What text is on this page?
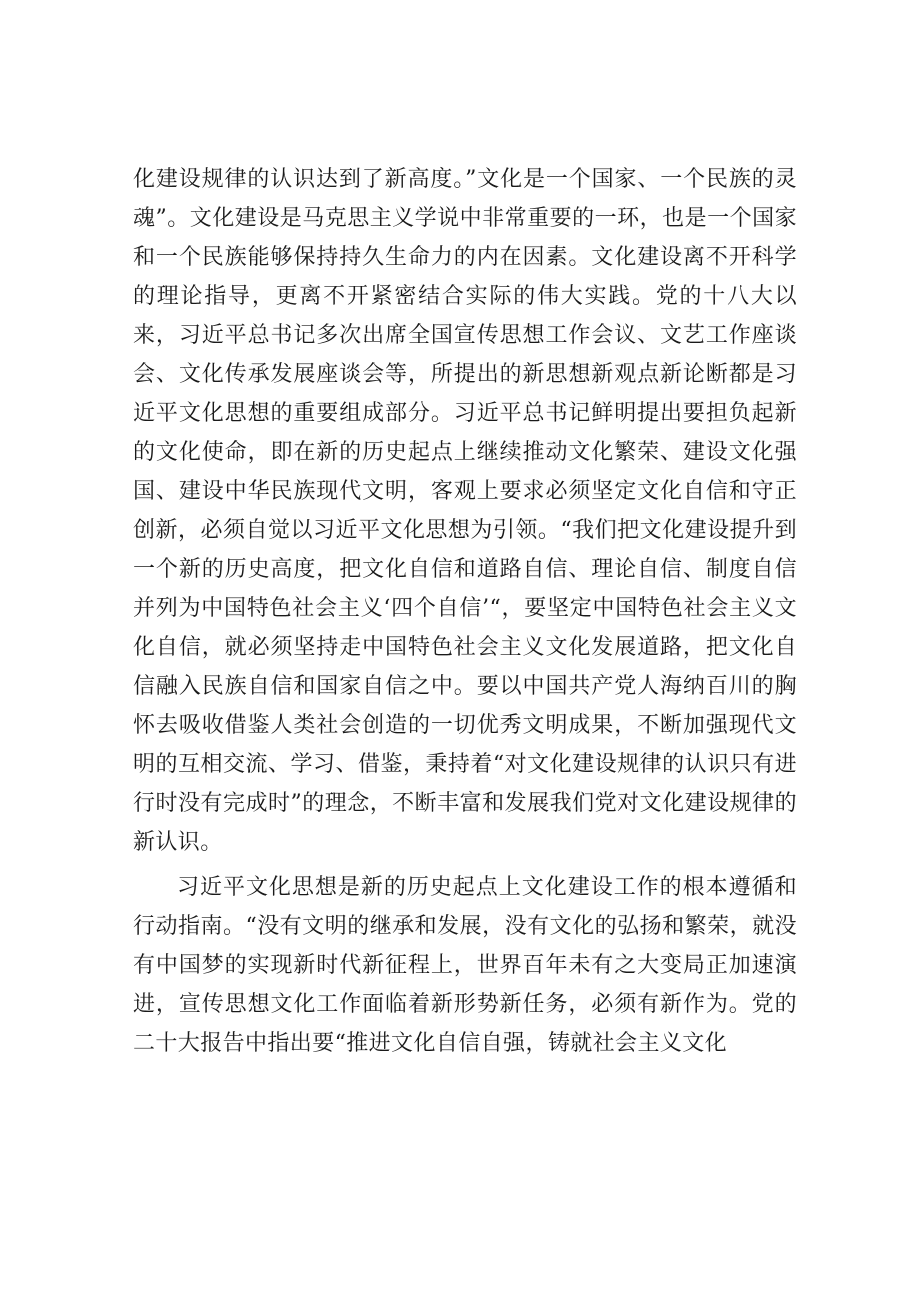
化建设规律的认识达到了新高度。”文化是一个国家、一个民族的灵魂”。文化建设是马克思主义学说中非常重要的一环，也是一个国家和一个民族能够保持持久生命力的内在因素。文化建设离不开科学的理论指导，更离不开紧密结合实际的伟大实践。党的十八大以来，习近平总书记多次出席全国宣传思想工作会议、文艺工作座谈会、文化传承发展座谈会等，所提出的新思想新观点新论断都是习近平文化思想的重要组成部分。习近平总书记鲜明提出要担负起新的文化使命，即在新的历史起点上继续推动文化繁荣、建设文化强国、建设中华民族现代文明，客观上要求必须坚定文化自信和守正创新，必须自觉以习近平文化思想为引领。“我们把文化建设提升到一个新的历史高度，把文化自信和道路自信、理论自信、制度自信并列为中国特色社会主义‘四个自信’“，要坚定中国特色社会主义文化自信，就必须坚持走中国特色社会主义文化发展道路，把文化自信融入民族自信和国家自信之中。要以中国共产党人海纳百川的胸怀去吸收借鉴人类社会创造的一切优秀文明成果，不断加强现代文明的互相交流、学习、借鉴，秉持着“对文化建设规律的认识只有进行时没有完成时”的理念，不断丰富和发展我们党对文化建设规律的新认识。

习近平文化思想是新的历史起点上文化建设工作的根本遵循和行动指南。“没有文明的继承和发展，没有文化的弘扬和繁荣，就没有中国梦的实现新时代新征程上，世界百年未有之大变局正加速演进，宣传思想文化工作面临着新形势新任务，必须有新作为。党的二十大报告中指出要“推进文化自信自强，铸就社会主义文化
